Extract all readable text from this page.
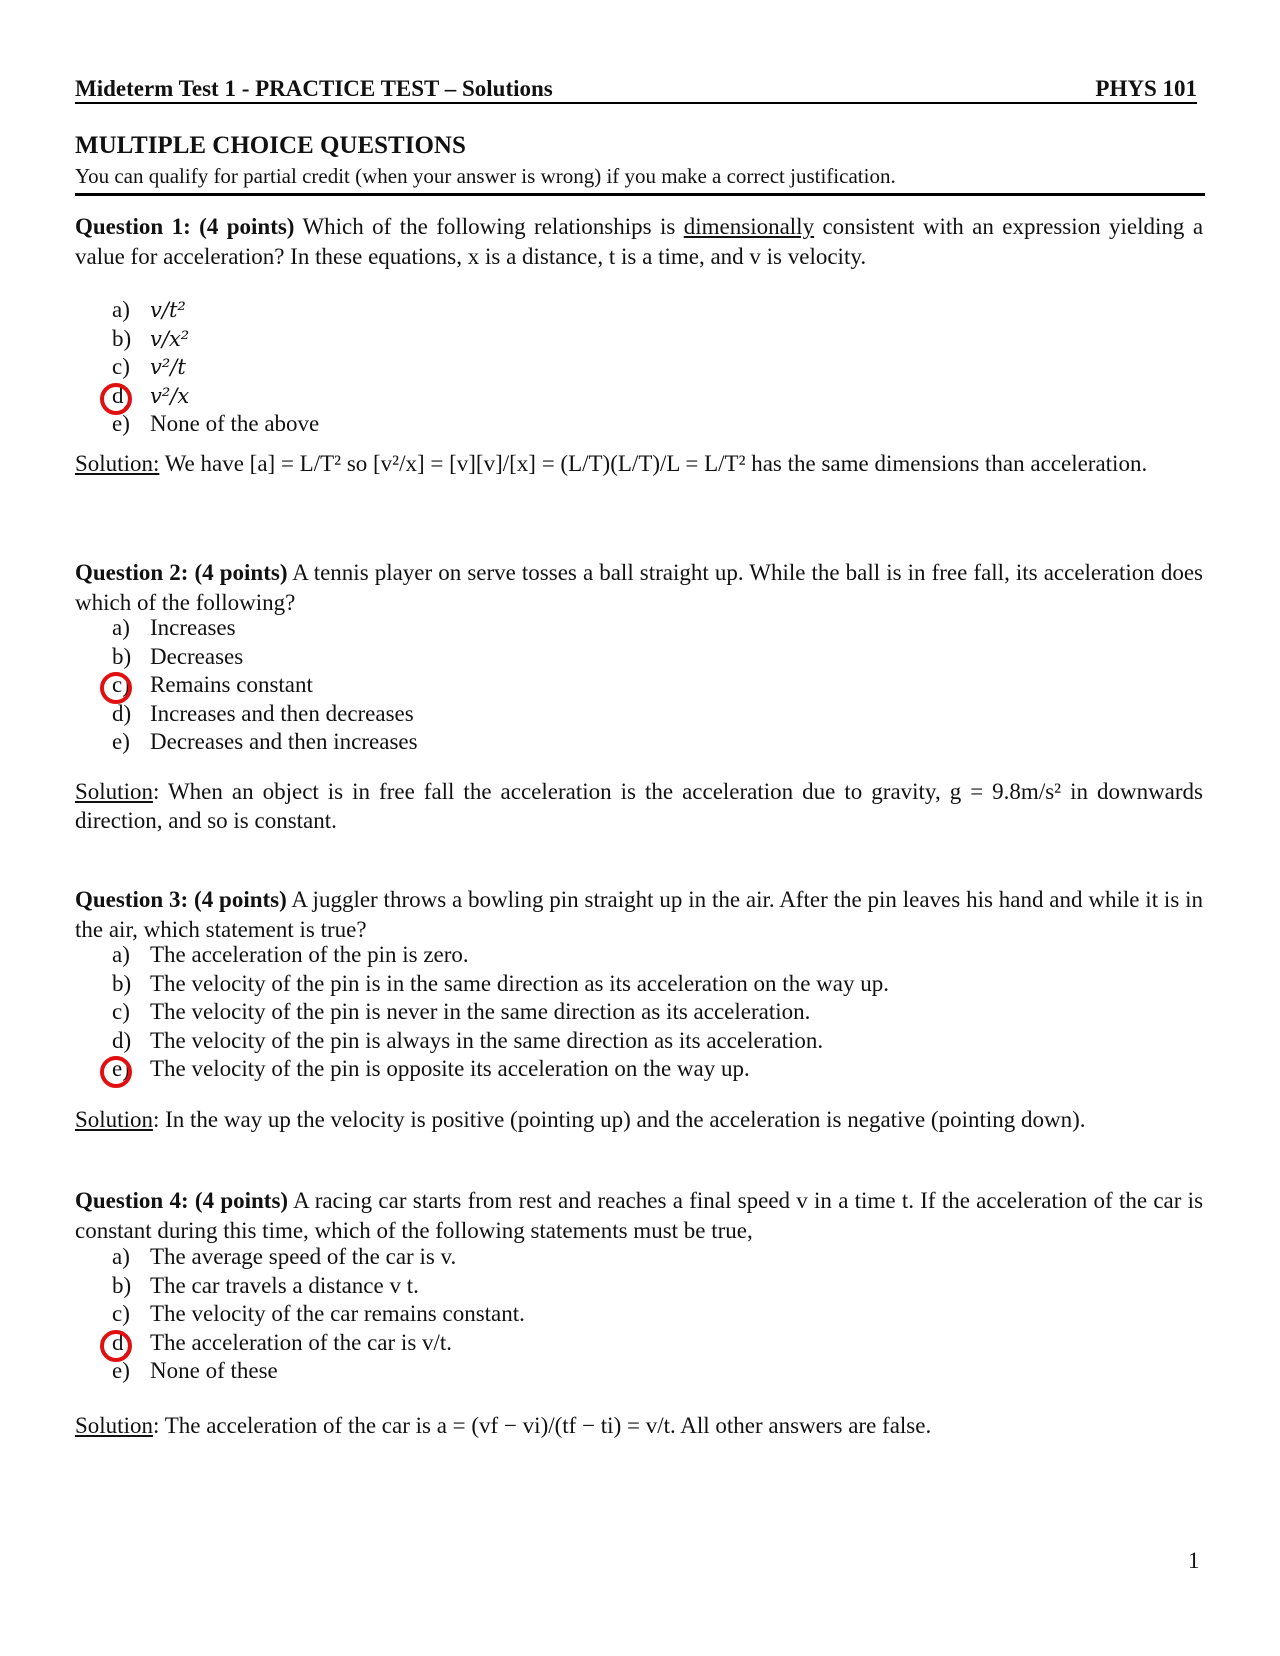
Mideterm Test 1 - PRACTICE TEST – Solutions	PHYS 101
MULTIPLE CHOICE QUESTIONS
You can qualify for partial credit (when your answer is wrong) if you make a correct justification.
Question 1: (4 points) Which of the following relationships is dimensionally consistent with an expression yielding a value for acceleration? In these equations, x is a distance, t is a time, and v is velocity.
a) v/t²
b) v/x²
c) v²/t
d) v²/x
e) None of the above
Solution: We have [a] = L/T² so [v²/x] = [v][v]/[x] = (L/T)(L/T)/L = L/T² has the same dimensions than acceleration.
Question 2: (4 points) A tennis player on serve tosses a ball straight up. While the ball is in free fall, its acceleration does which of the following?
a) Increases
b) Decreases
c) Remains constant
d) Increases and then decreases
e) Decreases and then increases
Solution: When an object is in free fall the acceleration is the acceleration due to gravity, g = 9.8m/s² in downwards direction, and so is constant.
Question 3: (4 points) A juggler throws a bowling pin straight up in the air. After the pin leaves his hand and while it is in the air, which statement is true?
a) The acceleration of the pin is zero.
b) The velocity of the pin is in the same direction as its acceleration on the way up.
c) The velocity of the pin is never in the same direction as its acceleration.
d) The velocity of the pin is always in the same direction as its acceleration.
e) The velocity of the pin is opposite its acceleration on the way up.
Solution: In the way up the velocity is positive (pointing up) and the acceleration is negative (pointing down).
Question 4: (4 points) A racing car starts from rest and reaches a final speed v in a time t. If the acceleration of the car is constant during this time, which of the following statements must be true,
a) The average speed of the car is v.
b) The car travels a distance v t.
c) The velocity of the car remains constant.
d) The acceleration of the car is v/t.
e) None of these
Solution: The acceleration of the car is a = (vf − vi)/(tf − ti) = v/t. All other answers are false.
1
